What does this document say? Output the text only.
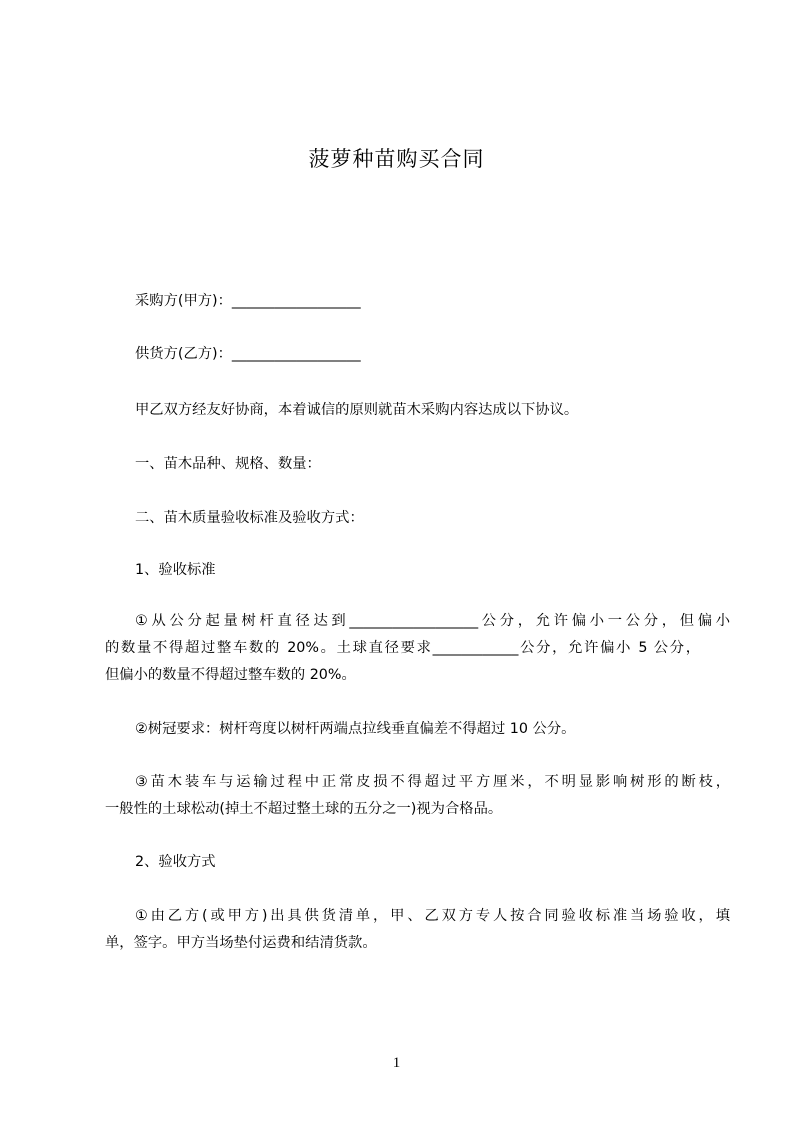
菠萝种苗购买合同
采购方(甲方)：__________________
供货方(乙方)：__________________
甲乙双方经友好协商，本着诚信的原则就苗木采购内容达成以下协议。
一、苗木品种、规格、数量：
二、苗木质量验收标准及验收方式：
1、验收标准
①从公分起量树杆直径达到__________________公分，允许偏小一公分，但偏小
的数量不得超过整车数的 20%。土球直径要求____________公分，允许偏小 5 公分，
但偏小的数量不得超过整车数的 20%。
②树冠要求：树杆弯度以树杆两端点拉线垂直偏差不得超过 10 公分。
③苗木装车与运输过程中正常皮损不得超过平方厘米，不明显影响树形的断枝，
一般性的土球松动(掉土不超过整土球的五分之一)视为合格品。
2、验收方式
①由乙方(或甲方)出具供货清单，甲、乙双方专人按合同验收标准当场验收，填
单，签字。甲方当场垫付运费和结清货款。
1
